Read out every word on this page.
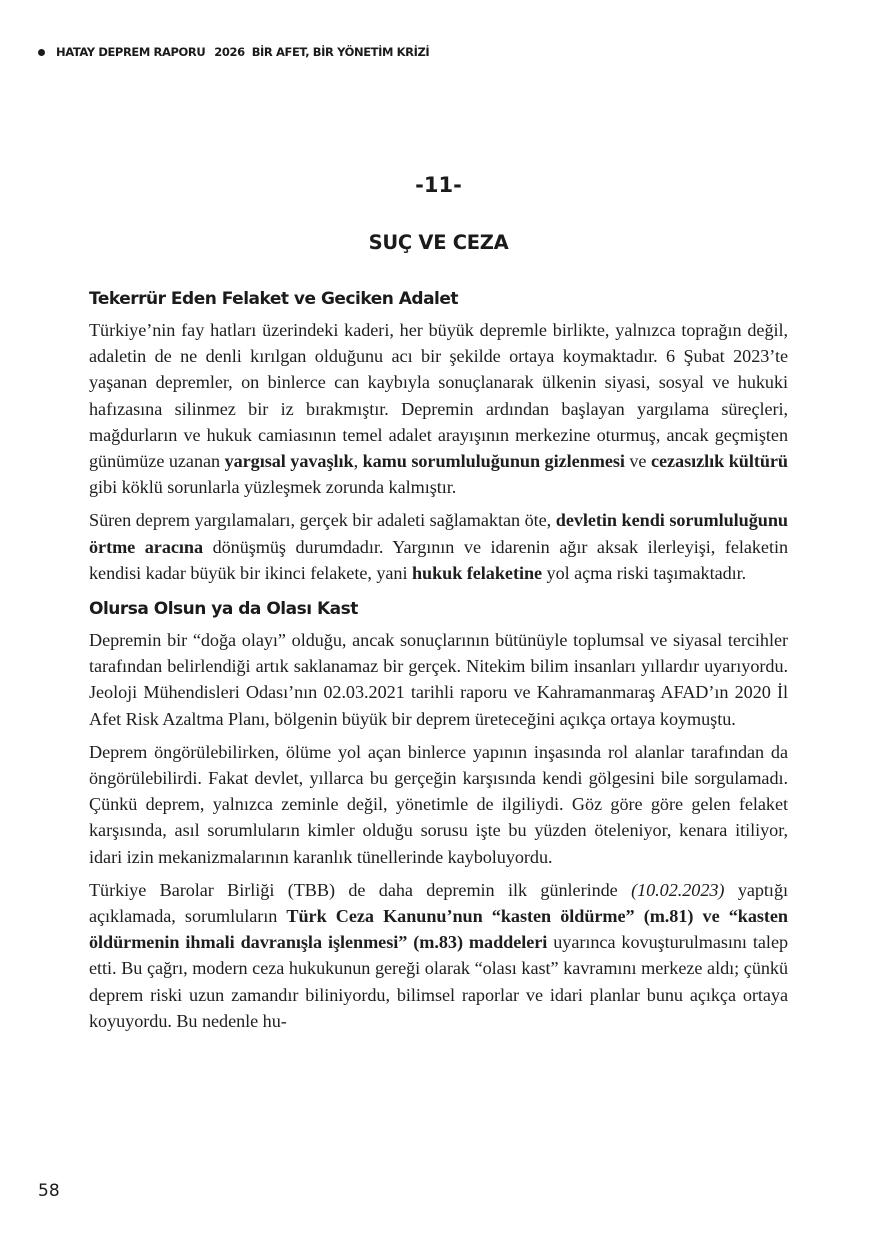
HATAY DEPREM RAPORU 2026 BİR AFET, BİR YÖNETİM KRİZİ
-11-
SUÇ VE CEZA
Tekerrür Eden Felaket ve Geciken Adalet

Türkiye’nin fay hatları üzerindeki kaderi, her büyük depremle birlikte, yalnızca toprağın değil, adaletin de ne denli kırılgan olduğunu acı bir şekilde ortaya koymaktadır. 6 Şubat 2023’te yaşanan depremler, on binlerce can kaybıyla sonuçlanarak ülkenin siyasi, sosyal ve hukuki hafızasına silinmez bir iz bırakmıştır. Depremin ardından başlayan yargılama süreçleri, mağdurların ve hukuk camiasının temel adalet arayışının merkezine oturmuş, ancak geçmişten günümüze uzanan yargısal yavaşlık, kamu sorumluluğunun gizlenmesi ve cezasızlık kültürü gibi köklü sorunlarla yüzleşmek zorunda kalmıştır.

Süren deprem yargılamaları, gerçek bir adaleti sağlamaktan öte, devletin kendi sorumluluğunu örtme aracına dönüşmüş durumdadır. Yargının ve idarenin ağır aksak ilerleyişi, felaketin kendisi kadar büyük bir ikinci felakete, yani hukuk felaketine yol açma riski taşımaktadır.

Olursa Olsun ya da Olası Kast

Depremin bir “doğa olayı” olduğu, ancak sonuçlarının bütünüyle toplumsal ve siyasal tercihler tarafından belirlendiği artık saklanamaz bir gerçek. Nitekim bilim insanları yıllardır uyarıyordu. Jeoloji Mühendisleri Odası’nın 02.03.2021 tarihli raporu ve Kahramanmaraş AFAD’ın 2020 İl Afet Risk Azaltma Planı, bölgenin büyük bir deprem üreteceğini açıkça ortaya koymuştu.

Deprem öngörülebilirken, ölüme yol açan binlerce yapının inşasında rol alanlar tarafından da öngörülebilirdi. Fakat devlet, yıllarca bu gerçeğin karşısında kendi gölgesini bile sorgulamadı. Çünkü deprem, yalnızca zeminle değil, yönetimle de ilgiliydi. Göz göre göre gelen felaket karşısında, asıl sorumluların kimler olduğu sorusu işte bu yüzden öteleniyor, kenara itiliyor, idari izin mekanizmalarının karanlık tünellerinde kayboluyordu.

Türkiye Barolar Birliği (TBB) de daha depremin ilk günlerinde (10.02.2023) yaptığı açıklamada, sorumluların Türk Ceza Kanunu’nun “kasten öldürme” (m.81) ve “kasten öldürmenin ihmali davranışla işlenmesi” (m.83) maddeleri uyarınca kovuşturulmasını talep etti. Bu çağrı, modern ceza hukukunun gereği olarak “olası kast” kavramını merkeze aldı; çünkü deprem riski uzun zamandır biliniyordu, bilimsel raporlar ve idari planlar bunu açıkça ortaya koyuyordu. Bu nedenle hu-

58
